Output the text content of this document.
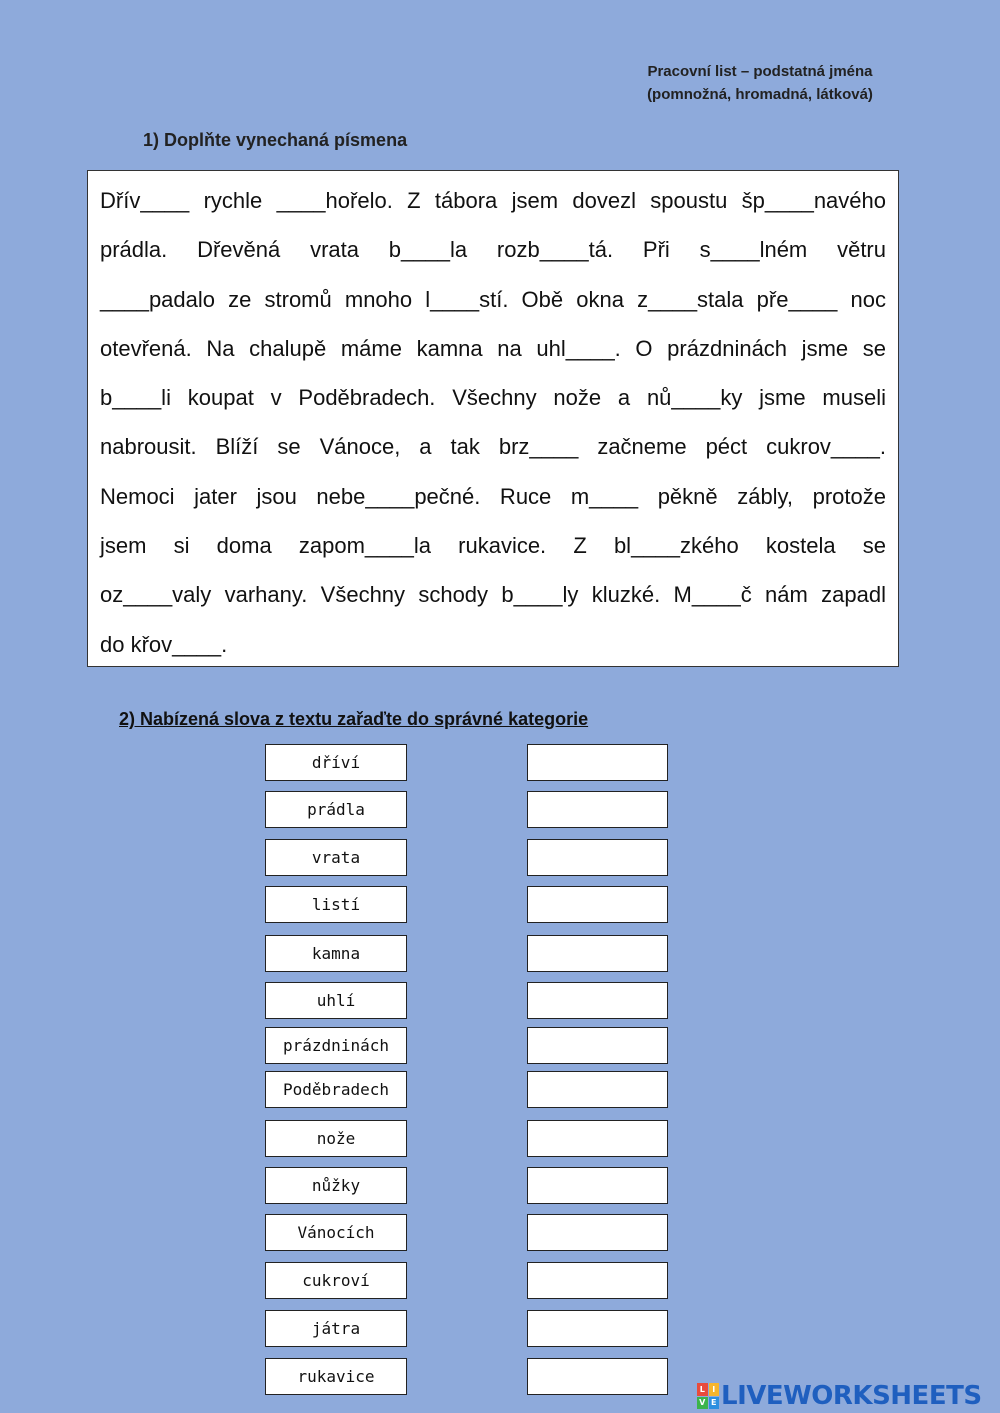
Pracovní list – podstatná jména
(pomnožná, hromadná, látková)
1) Doplňte vynechaná písmena
Dřív____ rychle ____hořelo. Z tábora jsem dovezl spoustu šp____navého
prádla. Dřevěná vrata b____la rozb____tá. Při s____lném větru
____padalo ze stromů mnoho l____stí. Obě okna z____stala pře____ noc
otevřená. Na chalupě máme kamna na uhl____. O prázdninách jsme se
b____li koupat v Poděbradech. Všechny nože a nů____ky jsme museli
nabrousit. Blíží se Vánoce, a tak brz____ začneme péct cukrov____.
Nemoci jater jsou nebe____pečné. Ruce m____ pěkně zábly, protože
jsem si doma zapom____la rukavice. Z bl____zkého kostela se
oz____valy varhany. Všechny schody b____ly kluzké. M____č nám zapadl
do křov____.
2) Nabízená slova z textu zařaďte do správné kategorie
dříví
prádla
vrata
listí
kamna
uhlí
prázdninách
Poděbradech
nože
nůžky
Vánocích
cukroví
játra
rukavice
L I
V E LIVEWORKSHEETS
